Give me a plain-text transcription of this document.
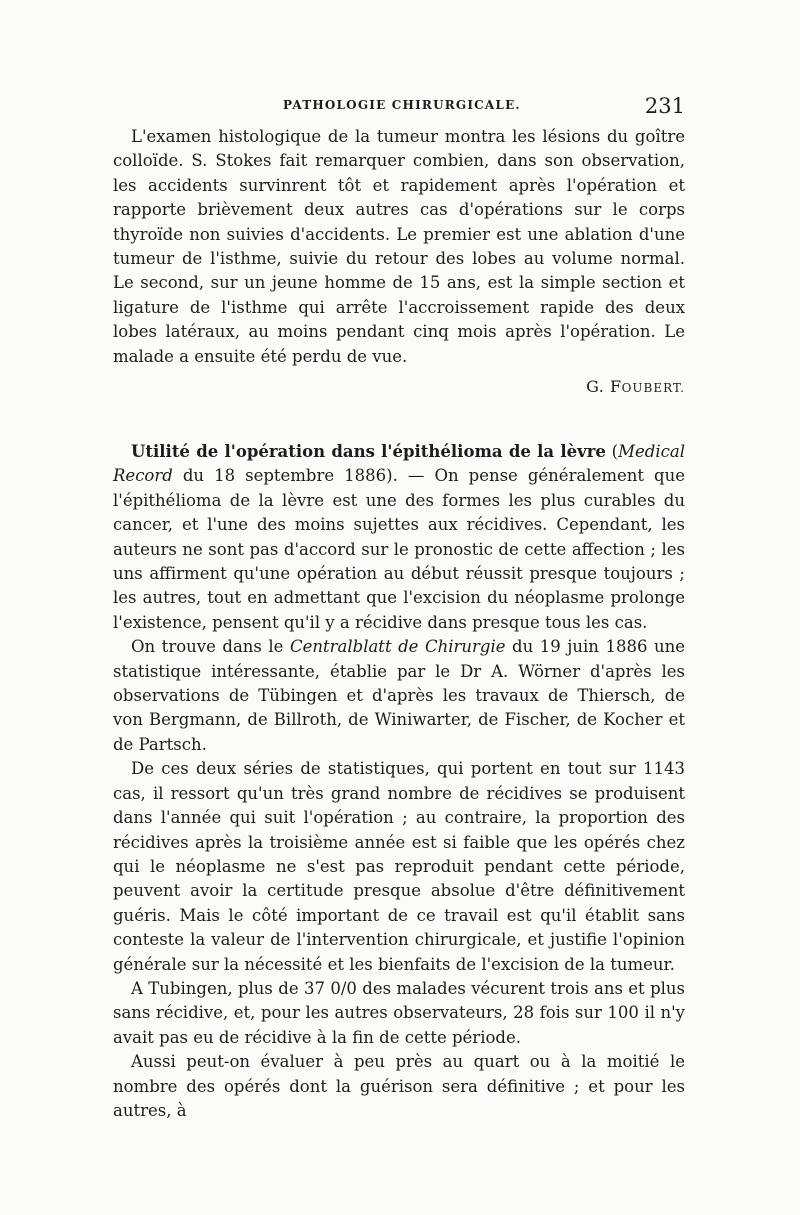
PATHOLOGIE CHIRURGICALE.	231

L'examen histologique de la tumeur montra les lésions du goître colloïde. S. Stokes fait remarquer combien, dans son observation, les accidents survinrent tôt et rapidement après l'opération et rapporte brièvement deux autres cas d'opérations sur le corps thyroïde non suivies d'accidents. Le premier est une ablation d'une tumeur de l'isthme, suivie du retour des lobes au volume normal. Le second, sur un jeune homme de 15 ans, est la simple section et ligature de l'isthme qui arrête l'accroissement rapide des deux lobes latéraux, au moins pendant cinq mois après l'opération. Le malade a ensuite été perdu de vue.

G. FOUBERT.

Utilité de l'opération dans l'épithélioma de la lèvre (Medical Record du 18 septembre 1886). — On pense généralement que l'épithélioma de la lèvre est une des formes les plus curables du cancer, et l'une des moins sujettes aux récidives. Cependant, les auteurs ne sont pas d'accord sur le pronostic de cette affection ; les uns affirment qu'une opération au début réussit presque toujours ; les autres, tout en admettant que l'excision du néoplasme prolonge l'existence, pensent qu'il y a récidive dans presque tous les cas.

On trouve dans le Centralblatt de Chirurgie du 19 juin 1886 une statistique intéressante, établie par le Dr A. Wörner d'après les observations de Tübingen et d'après les travaux de Thiersch, de von Bergmann, de Billroth, de Winiwarter, de Fischer, de Kocher et de Partsch.

De ces deux séries de statistiques, qui portent en tout sur 1143 cas, il ressort qu'un très grand nombre de récidives se produisent dans l'année qui suit l'opération ; au contraire, la proportion des récidives après la troisième année est si faible que les opérés chez qui le néoplasme ne s'est pas reproduit pendant cette période, peuvent avoir la certitude presque absolue d'être définitivement guéris. Mais le côté important de ce travail est qu'il établit sans conteste la valeur de l'intervention chirurgicale, et justifie l'opinion générale sur la nécessité et les bienfaits de l'excision de la tumeur.

A Tubingen, plus de 37 0/0 des malades vécurent trois ans et plus sans récidive, et, pour les autres observateurs, 28 fois sur 100 il n'y avait pas eu de récidive à la fin de cette période.

Aussi peut-on évaluer à peu près au quart ou à la moitié le nombre des opérés dont la guérison sera définitive ; et pour les autres, à
